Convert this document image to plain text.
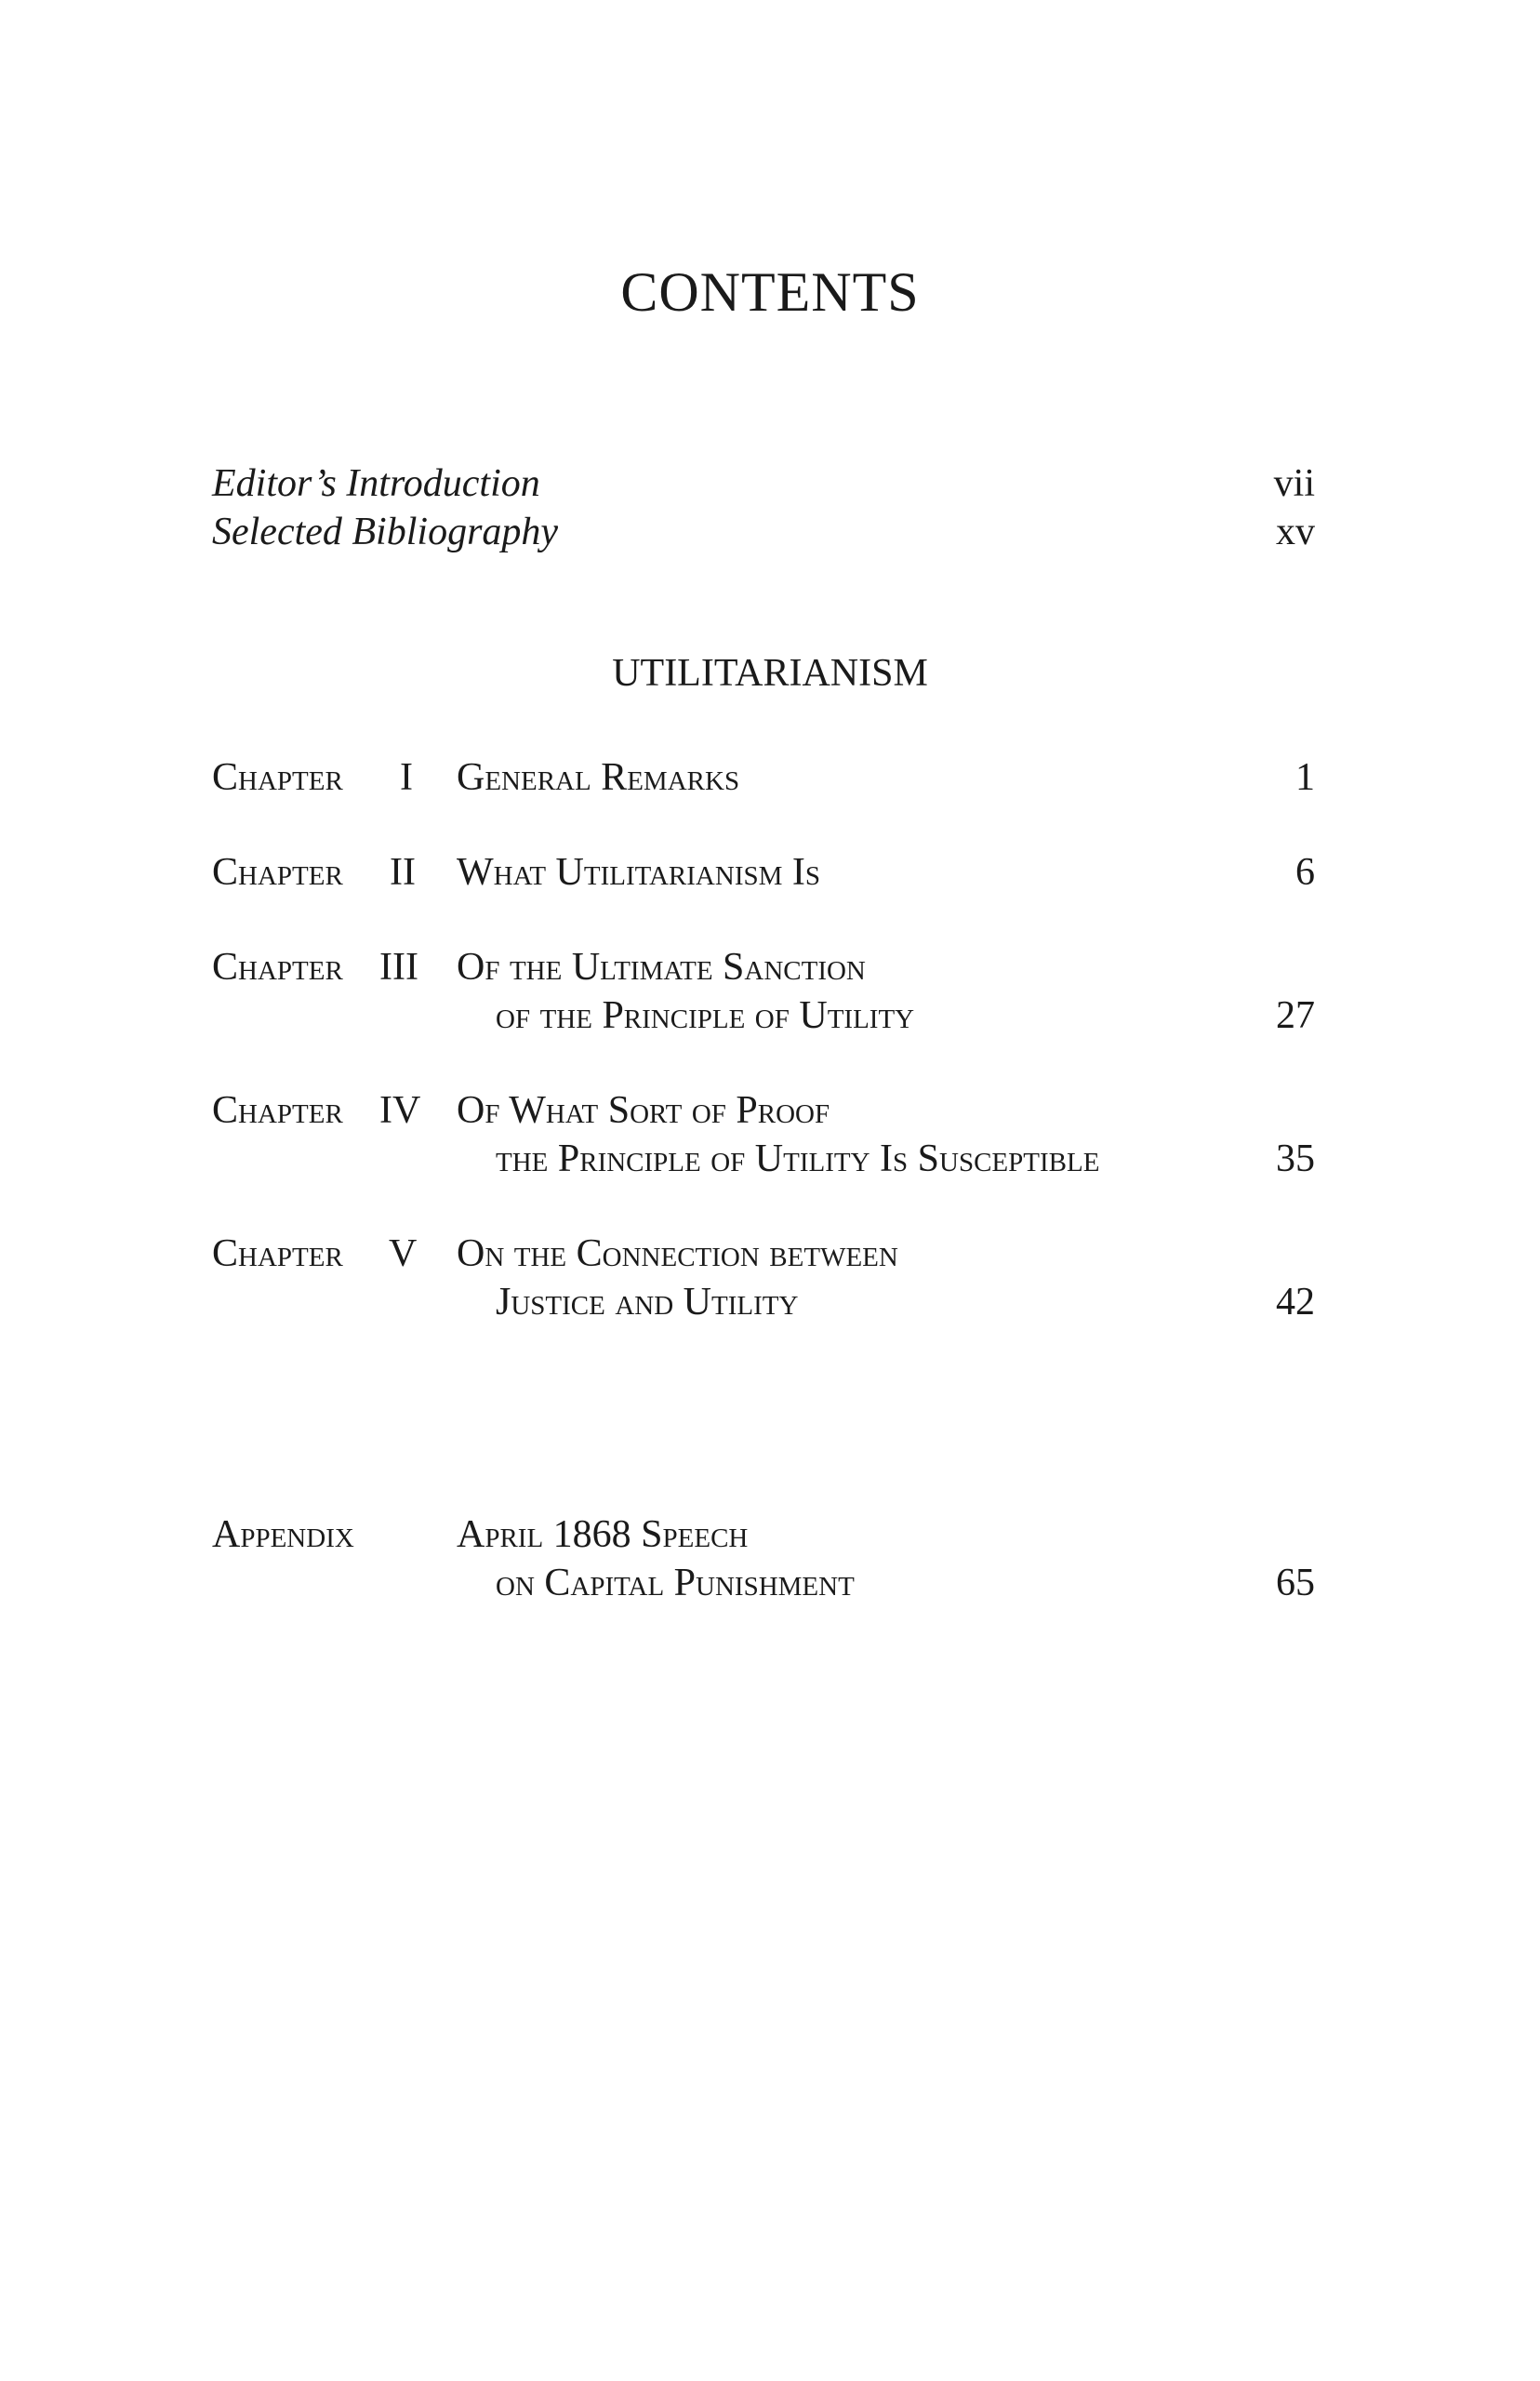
CONTENTS
Editor’s Introduction	vii
Selected Bibliography	xv
UTILITARIANISM
Chapter I General Remarks	1
Chapter II What Utilitarianism Is	6
Chapter III Of the Ultimate Sanction
of the Principle of Utility	27
Chapter IV Of What Sort of Proof
the Principle of Utility Is Susceptible	35
Chapter V On the Connection between
Justice and Utility	42
Appendix	April 1868 Speech
on Capital Punishment	65
